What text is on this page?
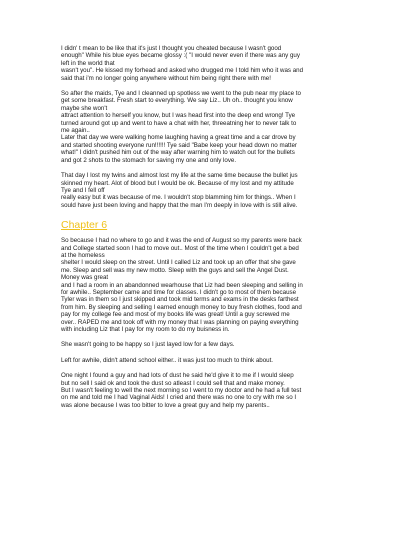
I didn' t mean to be like that it's just I thought you cheated because I wasn't good
enough" While his blue eyes became glossy :( "I would never even if there was any guy
left in the world that
wasn't you". He kissed my forhead and asked who drugged me I told him who it was and
said that i'm no longer going anywhere without him being right there with me!
So after the maids, Tye and I cleanned up spotless we went to the pub near my place to
get some breakfast. Fresh start to everything. We say Liz.. Uh oh.. thought you know
maybe she won't
attract attention to herself you know, but I was head first into the deep end wrong! Tye
turned around got up and went to have a chat with her, threeatning her to never talk to
me again..
Later that day we were walking home laughing having a great time and a car drove by
and started shooting everyone run!!!!!! Tye said "Babe keep your head down no matter
what!" I didn't pushed him out of the way after warning him to watch out for the bullets
and got 2 shots to the stomach for saving my one and only love.
That day I lost my twins and almost lost my life at the same time because the bullet jus
skinned my heart. Alot of blood but I would be ok. Because of my lost and my attitude
Tye and I fell off
really easy but it was because of me. I wouldn't stop blamming him for things.. When I
sould have just been loving and happy that the man I'm deeply in love with is still alive.
Chapter 6
So because I had no where to go and it was the end of August so my parents were back
and College started soon I had to move out.. Most of the time when I couldn't get a bed
at the homeless
shelter I would sleep on the street. Until I called Liz and took up an offer that she gave
me. Sleep and sell was my new motto. Sleep with the guys and sell the Angel Dust.
Money was great
and I had a room in an abandonned wearhouse that Liz had been sleeping and selling in
for awhile.. September came and time for classes. I didn't go to most of them because
Tyler was in them so I just skipped and took mid terms and exams in the desks farthest
from him. By sleeping and selling I earned enough money to buy fresh clothes, food and
pay for my college fee and most of my books life was great! Until a guy screwed me
over.. RAPED me and took off with my money that I was planning on paying everything
with including Liz that I pay for my room to do my buisness in.
She wasn't going to be happy so I just layed low for a few days.
Left for awhile, didn't attend school either.. it was just too much to think about.
One night I found a guy and had lots of dust he said he'd give it to me if I would sleep
but no sell I said ok and took the dust so atleast I could sell that and make money.
But I wasn't feeling to well the next morning so I went to my doctor and he had a full test
on me and told me I had Vaginal Aids! I cried and there was no one to cry with me so I
was alone because I was too bitter to love a great guy and help my parents..
